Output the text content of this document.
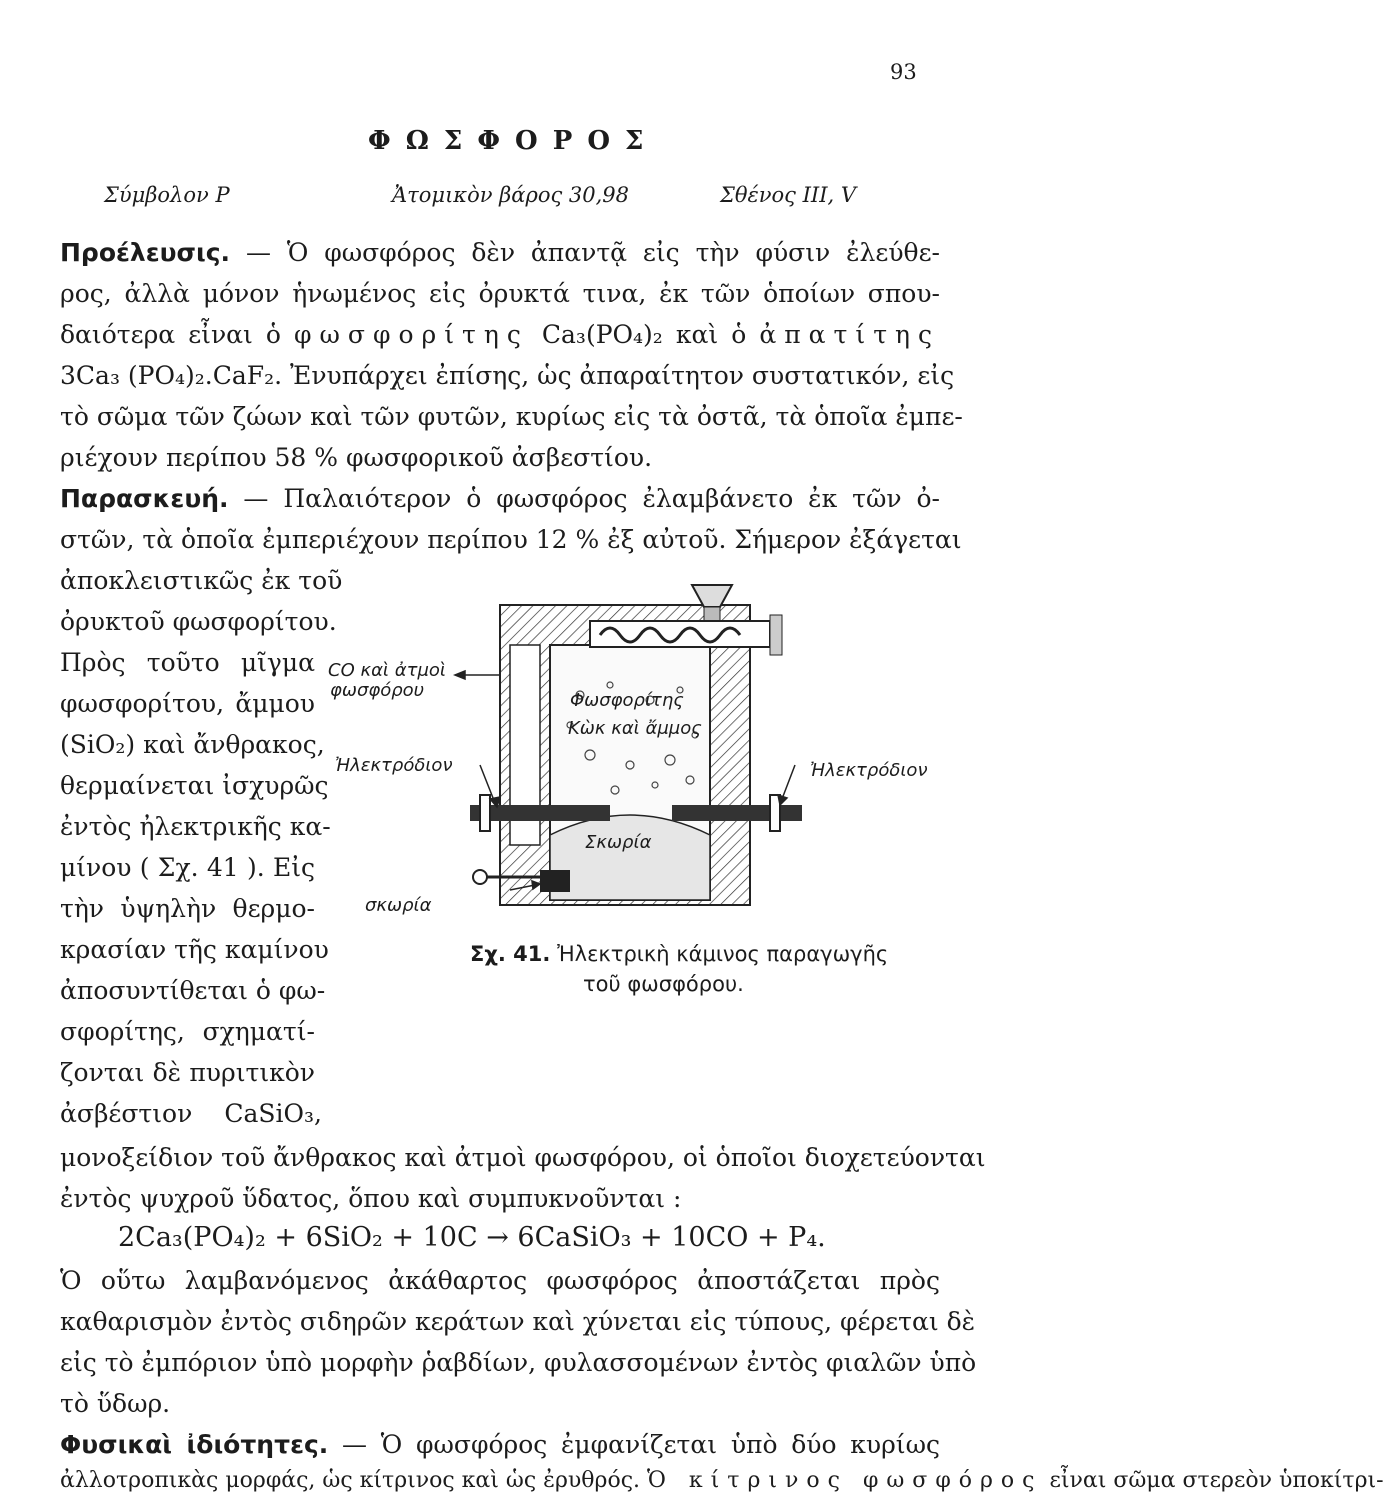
93
Φ Ω Σ Φ Ο Ρ Ο Σ
Σύμβολον P	Ἀτομικὸν βάρος 30,98	Σθένος III, V
Προέλευσις. — Ὁ φωσφόρος δὲν ἀπαντᾷ εἰς τὴν φύσιν ἐλεύθε-
ρος, ἀλλὰ μόνον ἡνωμένος εἰς ὀρυκτά τινα, ἐκ τῶν ὁποίων σπου-
δαιότερα εἶναι ὁ φωσφορίτης Ca₃(PO₄)₂ καὶ ὁ ἀπατίτης
3Ca₃ (PO₄)₂.CaF₂. Ἐνυπάρχει ἐπίσης, ὡς ἀπαραίτητον συστατικόν, εἰς
τὸ σῶμα τῶν ζώων καὶ τῶν φυτῶν, κυρίως εἰς τὰ ὀστᾶ, τὰ ὁποῖα ἐμπε-
ριέχουν περίπου 58 % φωσφορικοῦ ἀσβεστίου.
Παρασκευή. — Παλαιότερον ὁ φωσφόρος ἐλαμβάνετο ἐκ τῶν ὀ-
στῶν, τὰ ὁποῖα ἐμπεριέχουν περίπου 12 % ἐξ αὐτοῦ. Σήμερον ἐξάγεται
ἀποκλειστικῶς ἐκ τοῦ
ὀρυκτοῦ φωσφορίτου.
Πρὸς τοῦτο μῖγμα
φωσφορίτου, ἄμμου
(SiO₂) καὶ ἄνθρακος,
θερμαίνεται ἰσχυρῶς
ἐντὸς ἠλεκτρικῆς κα-
μίνου ( Σχ. 41 ). Εἰς
τὴν ὑψηλὴν θερμο-
κρασίαν τῆς καμίνου
ἀποσυντίθεται ὁ φω-
σφορίτης, σχηματί-
ζονται δὲ πυριτικὸν
ἀσβέστιον CaSiO₃,
μονοξείδιον τοῦ ἄνθρακος καὶ ἀτμοὶ φωσφόρου, οἱ ὁποῖοι διοχετεύονται
ἐντὸς ψυχροῦ ὕδατος, ὅπου καὶ συμπυκνοῦνται :
2Ca₃(PO₄)₂ + 6SiO₂ + 10C → 6CaSiO₃ + 10CO + P₄.
Ὁ οὕτω λαμβανόμενος ἀκάθαρτος φωσφόρος ἀποστάζεται πρὸς
καθαρισμὸν ἐντὸς σιδηρῶν κεράτων καὶ χύνεται εἰς τύπους, φέρεται δὲ
εἰς τὸ ἐμπόριον ὑπὸ μορφὴν ῥαβδίων, φυλασσομένων ἐντὸς φιαλῶν ὑπὸ
τὸ ὕδωρ.
Φυσικαὶ ἰδιότητες. — Ὁ φωσφόρος ἐμφανίζεται ὑπὸ δύο κυρίως
ἀλλοτροπικὰς μορφάς, ὡς κίτρινος καὶ ὡς ἐρυθρός. Ὁ κίτρινος φωσφόρος εἶναι σῶμα στερεὸν ὑποκίτρι-
CO καὶ ἀτμοὶ
φωσφόρου	Φωσφορίτης
Κὼκ καὶ ἄμμος
Ἠλεκτρόδιον	Ἠλεκτρόδιον
Σκωρία
σκωρία
Σχ. 41. Ἠλεκτρικὴ κάμινος παραγωγῆς
τοῦ φωσφόρου.
